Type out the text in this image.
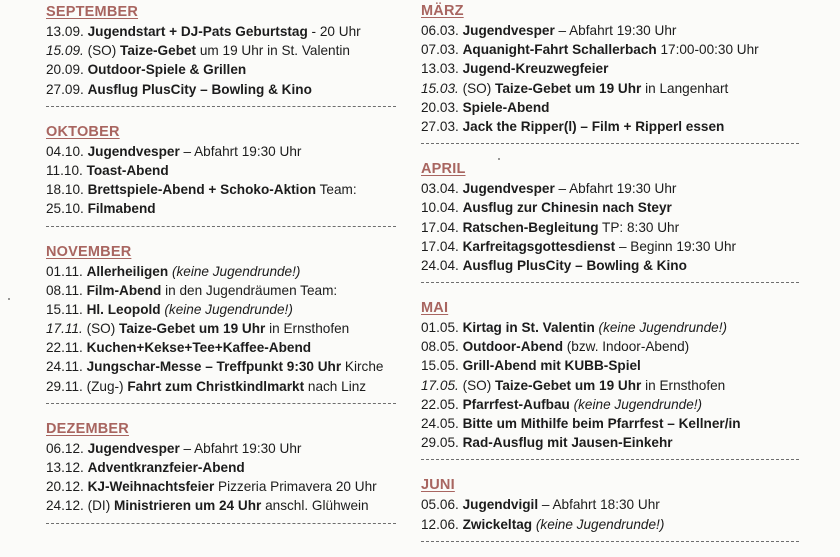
SEPTEMBER
13.09. Jugendstart + DJ-Pats Geburtstag - 20 Uhr
15.09. (SO) Taize-Gebet um 19 Uhr in St. Valentin
20.09. Outdoor-Spiele & Grillen
27.09. Ausflug PlusCity – Bowling & Kino
OKTOBER
04.10. Jugendvesper – Abfahrt 19:30 Uhr
11.10. Toast-Abend
18.10. Brettspiele-Abend + Schoko-Aktion Team:
25.10. Filmabend
NOVEMBER
01.11. Allerheiligen (keine Jugendrunde!)
08.11. Film-Abend in den Jugendräumen Team:
15.11. Hl. Leopold (keine Jugendrunde!)
17.11. (SO) Taize-Gebet um 19 Uhr in Ernsthofen
22.11. Kuchen+Kekse+Tee+Kaffee-Abend
24.11. Jungschar-Messe – Treffpunkt 9:30 Uhr Kirche
29.11. (Zug-) Fahrt zum Christkindlmarkt nach Linz
DEZEMBER
06.12. Jugendvesper – Abfahrt 19:30 Uhr
13.12. Adventkranzfeier-Abend
20.12. KJ-Weihnachtsfeier Pizzeria Primavera 20 Uhr
24.12. (DI) Ministrieren um 24 Uhr anschl. Glühwein
MÄRZ
06.03. Jugendvesper – Abfahrt 19:30 Uhr
07.03. Aquanight-Fahrt Schallerbach 17:00-00:30 Uhr
13.03. Jugend-Kreuzwegfeier
15.03. (SO) Taize-Gebet um 19 Uhr in Langenhart
20.03. Spiele-Abend
27.03. Jack the Ripper(l) – Film + Ripperl essen
APRIL
03.04. Jugendvesper – Abfahrt 19:30 Uhr
10.04. Ausflug zur Chinesin nach Steyr
17.04. Ratschen-Begleitung TP: 8:30 Uhr
17.04. Karfreitagsgottesdienst – Beginn 19:30 Uhr
24.04. Ausflug PlusCity – Bowling & Kino
MAI
01.05. Kirtag in St. Valentin (keine Jugendrunde!)
08.05. Outdoor-Abend (bzw. Indoor-Abend)
15.05. Grill-Abend mit KUBB-Spiel
17.05. (SO) Taize-Gebet um 19 Uhr in Ernsthofen
22.05. Pfarrfest-Aufbau (keine Jugendrunde!)
24.05. Bitte um Mithilfe beim Pfarrfest – Kellner/in
29.05. Rad-Ausflug mit Jausen-Einkehr
JUNI
05.06. Jugendvigil – Abfahrt 18:30 Uhr
12.06. Zwickeltag (keine Jugendrunde!)
